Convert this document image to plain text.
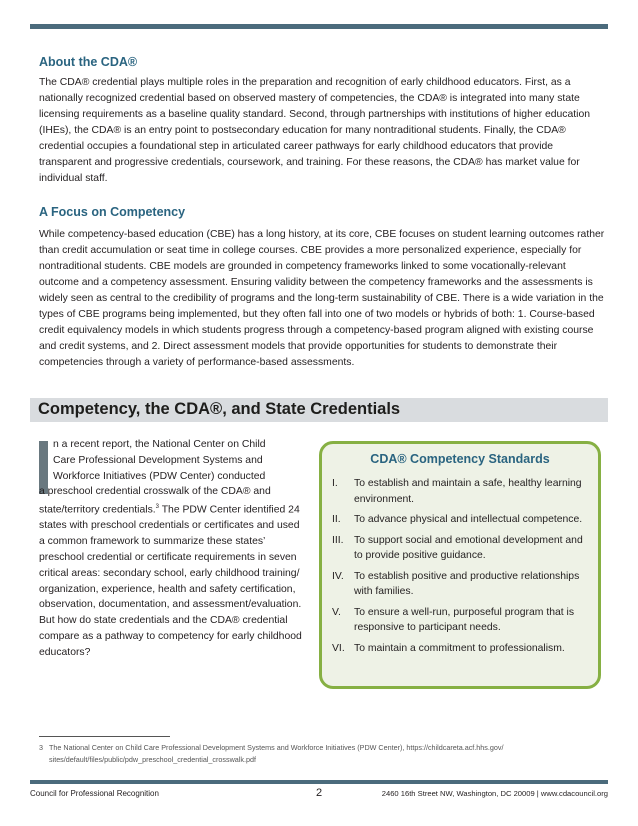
About the CDA®

The CDA® credential plays multiple roles in the preparation and recognition of early childhood educators. First, as a nationally recognized credential based on observed mastery of competencies, the CDA® is integrated into many state licensing requirements as a baseline quality standard. Second, through partnerships with institutions of higher education (IHEs), the CDA® is an entry point to postsecondary education for many nontraditional students. Finally, the CDA® credential occupies a foundational step in articulated career pathways for early childhood educators that provide transparent and progressive credentials, coursework, and training. For these reasons, the CDA® has market value for individual staff.

A Focus on Competency

While competency-based education (CBE) has a long history, at its core, CBE focuses on student learning outcomes rather than credit accumulation or seat time in college courses. CBE provides a more personalized experience, especially for nontraditional students. CBE models are grounded in competency frameworks linked to some vocationally-relevant outcome and a competency assessment. Ensuring validity between the competency frameworks and the assessments is widely seen as central to the credibility of programs and the long-term sustainability of CBE. There is a wide variation in the types of CBE programs being implemented, but they often fall into one of two models or hybrids of both: 1. Course-based credit equivalency models in which students progress through a competency-based program aligned with existing course and credit systems, and 2. Direct assessment models that provide opportunities for students to demonstrate their competencies through a variety of performance-based assessments.

Competency, the CDA®, and State Credentials

n a recent report, the National Center on Child
Care Professional Development Systems and
Workforce Initiatives (PDW Center) conducted
a preschool credential crosswalk of the CDA® and state/territory credentials.$^3$ The PDW Center identified 24 states with preschool credentials or certificates and used a common framework to summarize these states’ preschool credential or certificate requirements in seven critical areas: secondary school, early childhood training/ organization, experience, health and safety certification, observation, documentation, and assessment/evaluation. But how do state credentials and the CDA® credential compare as a pathway to competency for early childhood educators?

CDA® Competency Standards
I. To establish and maintain a safe, healthy learning environment.
II. To advance physical and intellectual competence.
III. To support social and emotional development and to provide positive guidance.
IV. To establish positive and productive relationships with families.
V. To ensure a well-run, purposeful program that is responsive to participant needs.
VI. To maintain a commitment to professionalism.

3 The National Center on Child Care Professional Development Systems and Workforce Initiatives (PDW Center), https://childcareta.acf.hhs.gov/
sites/default/files/public/pdw_preschool_credential_crosswalk.pdf

Council for Professional Recognition	2	2460 16th Street NW, Washington, DC 20009 | www.cdacouncil.org
